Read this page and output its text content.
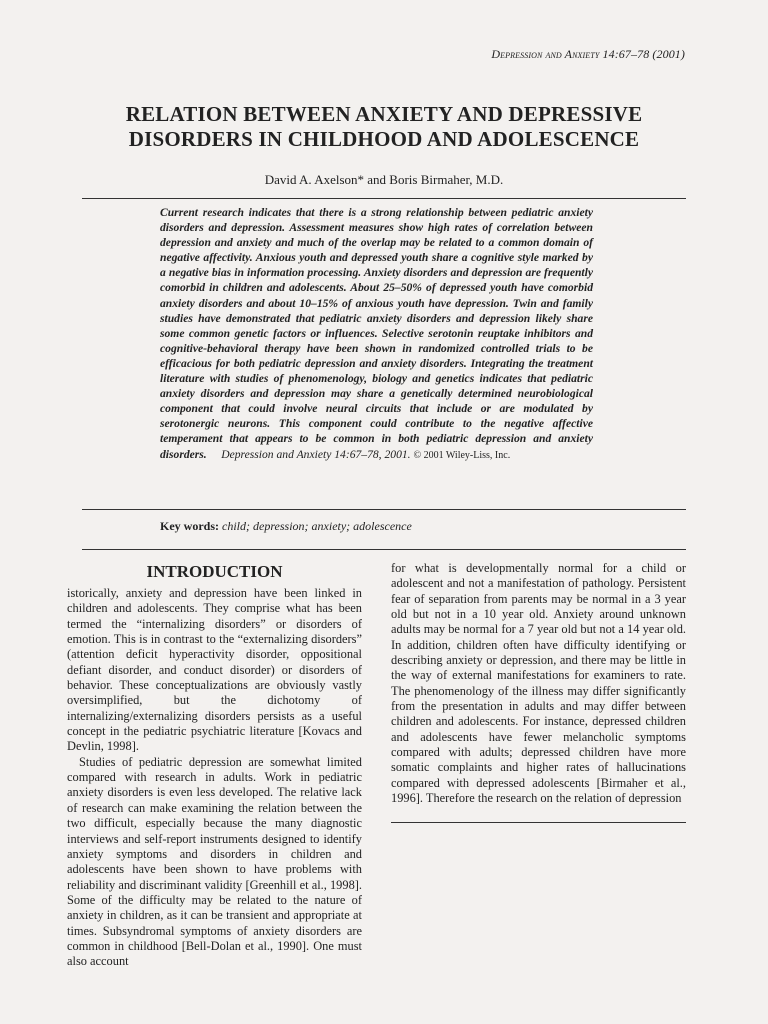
Depression and Anxiety 14:67–78 (2001)
RELATION BETWEEN ANXIETY AND DEPRESSIVE
DISORDERS IN CHILDHOOD AND ADOLESCENCE
David A. Axelson* and Boris Birmaher, M.D.
Current research indicates that there is a strong relationship between pediatric anxiety disorders and depression. Assessment measures show high rates of correlation between depression and anxiety and much of the overlap may be related to a common domain of negative affectivity. Anxious youth and depressed youth share a cognitive style marked by a negative bias in information processing. Anxiety disorders and depression are frequently comorbid in children and adolescents. About 25–50% of depressed youth have comorbid anxiety disorders and about 10–15% of anxious youth have depression. Twin and family studies have demonstrated that pediatric anxiety disorders and depression likely share some common genetic factors or influences. Selective serotonin reuptake inhibitors and cognitive-behavioral therapy have been shown in randomized controlled trials to be efficacious for both pediatric depression and anxiety disorders. Integrating the treatment literature with studies of phenomenology, biology and genetics indicates that pediatric anxiety disorders and depression may share a genetically determined neurobiological component that could involve neural circuits that include or are modulated by serotonergic neurons. This component could contribute to the negative affective temperament that appears to be common in both pediatric depression and anxiety disorders. Depression and Anxiety 14:67–78, 2001. © 2001 Wiley-Liss, Inc.
Key words: child; depression; anxiety; adolescence
INTRODUCTION

istorically, anxiety and depression have been linked in children and adolescents. They comprise what has been termed the “internalizing disorders” or disorders of emotion. This is in contrast to the “externalizing disorders” (attention deficit hyperactivity disorder, oppositional defiant disorder, and conduct disorder) or disorders of behavior. These conceptualizations are obviously vastly oversimplified, but the dichotomy of internalizing/externalizing disorders persists as a useful concept in the pediatric psychiatric literature [Kovacs and Devlin, 1998].

Studies of pediatric depression are somewhat limited compared with research in adults. Work in pediatric anxiety disorders is even less developed. The relative lack of research can make examining the relation between the two difficult, especially because the many diagnostic interviews and self-report instruments designed to identify anxiety symptoms and disorders in children and adolescents have been shown to have problems with reliability and discriminant validity [Greenhill et al., 1998]. Some of the difficulty may be related to the nature of anxiety in children, as it can be transient and appropriate at times. Subsyndromal symptoms of anxiety disorders are common in childhood [Bell-Dolan et al., 1990]. One must also account

for what is developmentally normal for a child or adolescent and not a manifestation of pathology. Persistent fear of separation from parents may be normal in a 3 year old but not in a 10 year old. Anxiety around unknown adults may be normal for a 7 year old but not a 14 year old. In addition, children often have difficulty identifying or describing anxiety or depression, and there may be little in the way of external manifestations for examiners to rate. The phenomenology of the illness may differ significantly from the presentation in adults and may differ between children and adolescents. For instance, depressed children and adolescents have fewer melancholic symptoms compared with adults; depressed children have more somatic complaints and higher rates of hallucinations compared with depressed adolescents [Birmaher et al., 1996]. Therefore the research on the relation of depression
